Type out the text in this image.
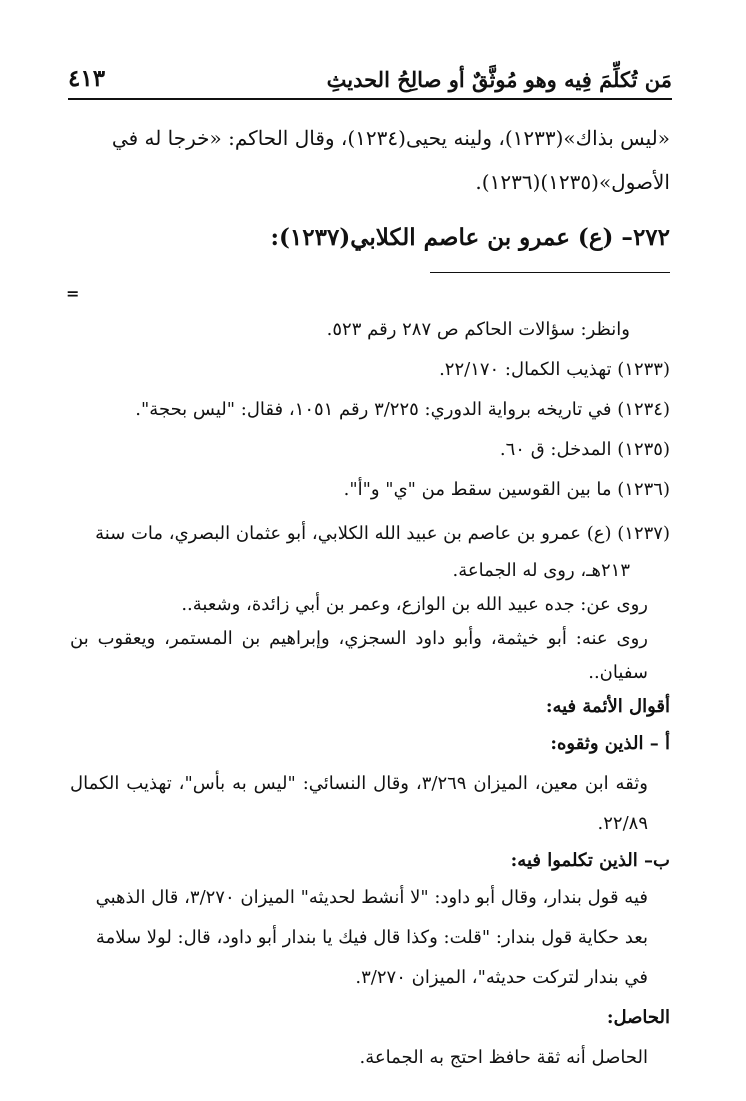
مَن تُكلِّمَ فِيه وهو مُوثَّقٌ أو صالِحُ الحديثِ
٤١٣

«ليس بذاك»(١٢٣٣)، ولينه يحيى(١٢٣٤)، وقال الحاكم: «خرجا له في

الأصول»(١٢٣٥)(١٢٣٦).

٢٧٢– (ع) عمرو بن عاصم الكلابي(١٢٣٧):

=

وانظر: سؤالات الحاكم ص ٢٨٧ رقم ٥٢٣.

(١٢٣٣) تهذيب الكمال: ٢٢/١٧٠.

(١٢٣٤) في تاريخه برواية الدوري: ٣/٢٢٥ رقم ١٠٥١، فقال: "ليس بحجة".

(١٢٣٥) المدخل: ق ٦٠.

(١٢٣٦) ما بين القوسين سقط من "ي" و"أ".

(١٢٣٧) (ع) عمرو بن عاصم بن عبيد الله الكلابي، أبو عثمان البصري، مات سنة

٢١٣هـ، روى له الجماعة.

روى عن: جده عبيد الله بن الوازع، وعمر بن أبي زائدة، وشعبة..

روى عنه: أبو خيثمة، وأبو داود السجزي، وإبراهيم بن المستمر، ويعقوب بن سفيان..

أقوال الأئمة فيه:

أ – الذين وثقوه:

وثقه ابن معين، الميزان ٣/٢٦٩، وقال النسائي: "ليس به بأس"، تهذيب الكمال ٢٢/٨٩.

ب– الذين تكلموا فيه:

فيه قول بندار، وقال أبو داود: "لا أنشط لحديثه" الميزان ٣/٢٧٠، قال الذهبي

بعد حكاية قول بندار: "قلت: وكذا قال فيك يا بندار أبو داود، قال: لولا سلامة

في بندار لتركت حديثه"، الميزان ٣/٢٧٠.

الحاصل:

الحاصل أنه ثقة حافظ احتج به الجماعة.
